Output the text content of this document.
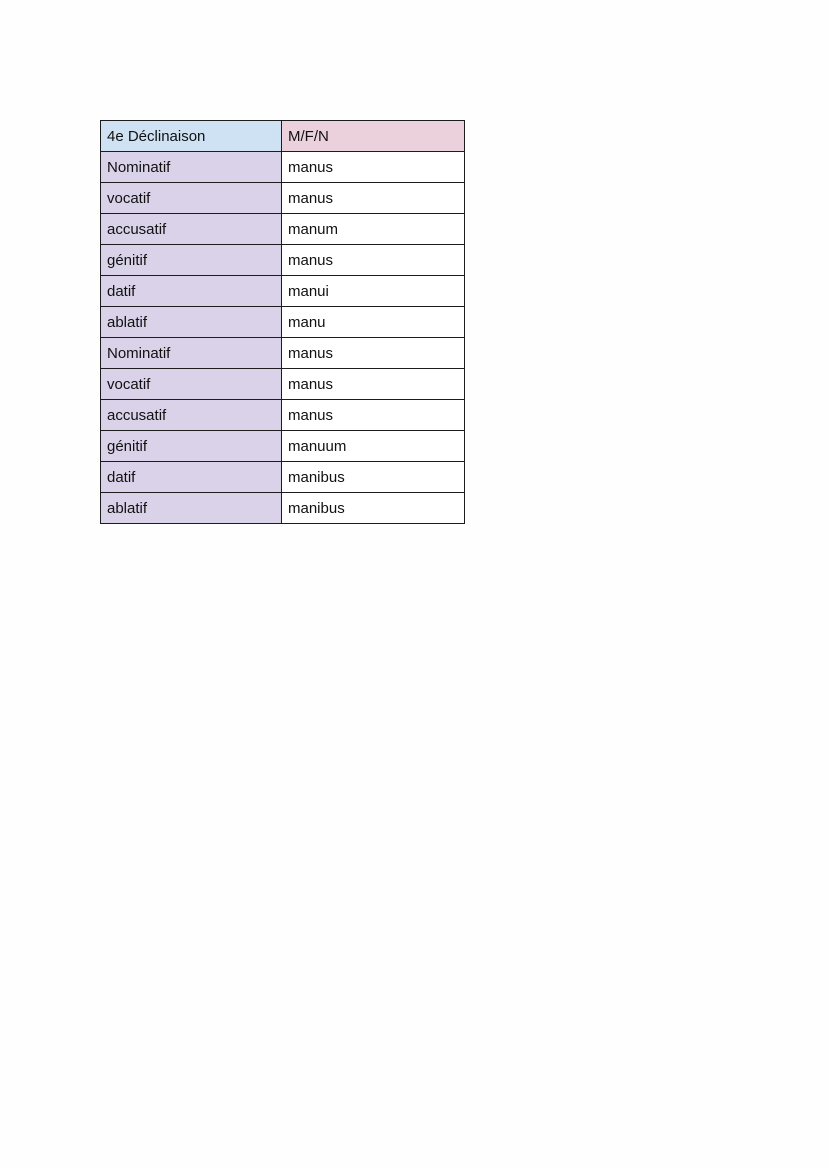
4e Déclinaison	M/F/N
Nominatif	manus
vocatif	manus
accusatif	manum
génitif	manus
datif	manui
ablatif	manu
Nominatif	manus
vocatif	manus
accusatif	manus
génitif	manuum
datif	manibus
ablatif	manibus
